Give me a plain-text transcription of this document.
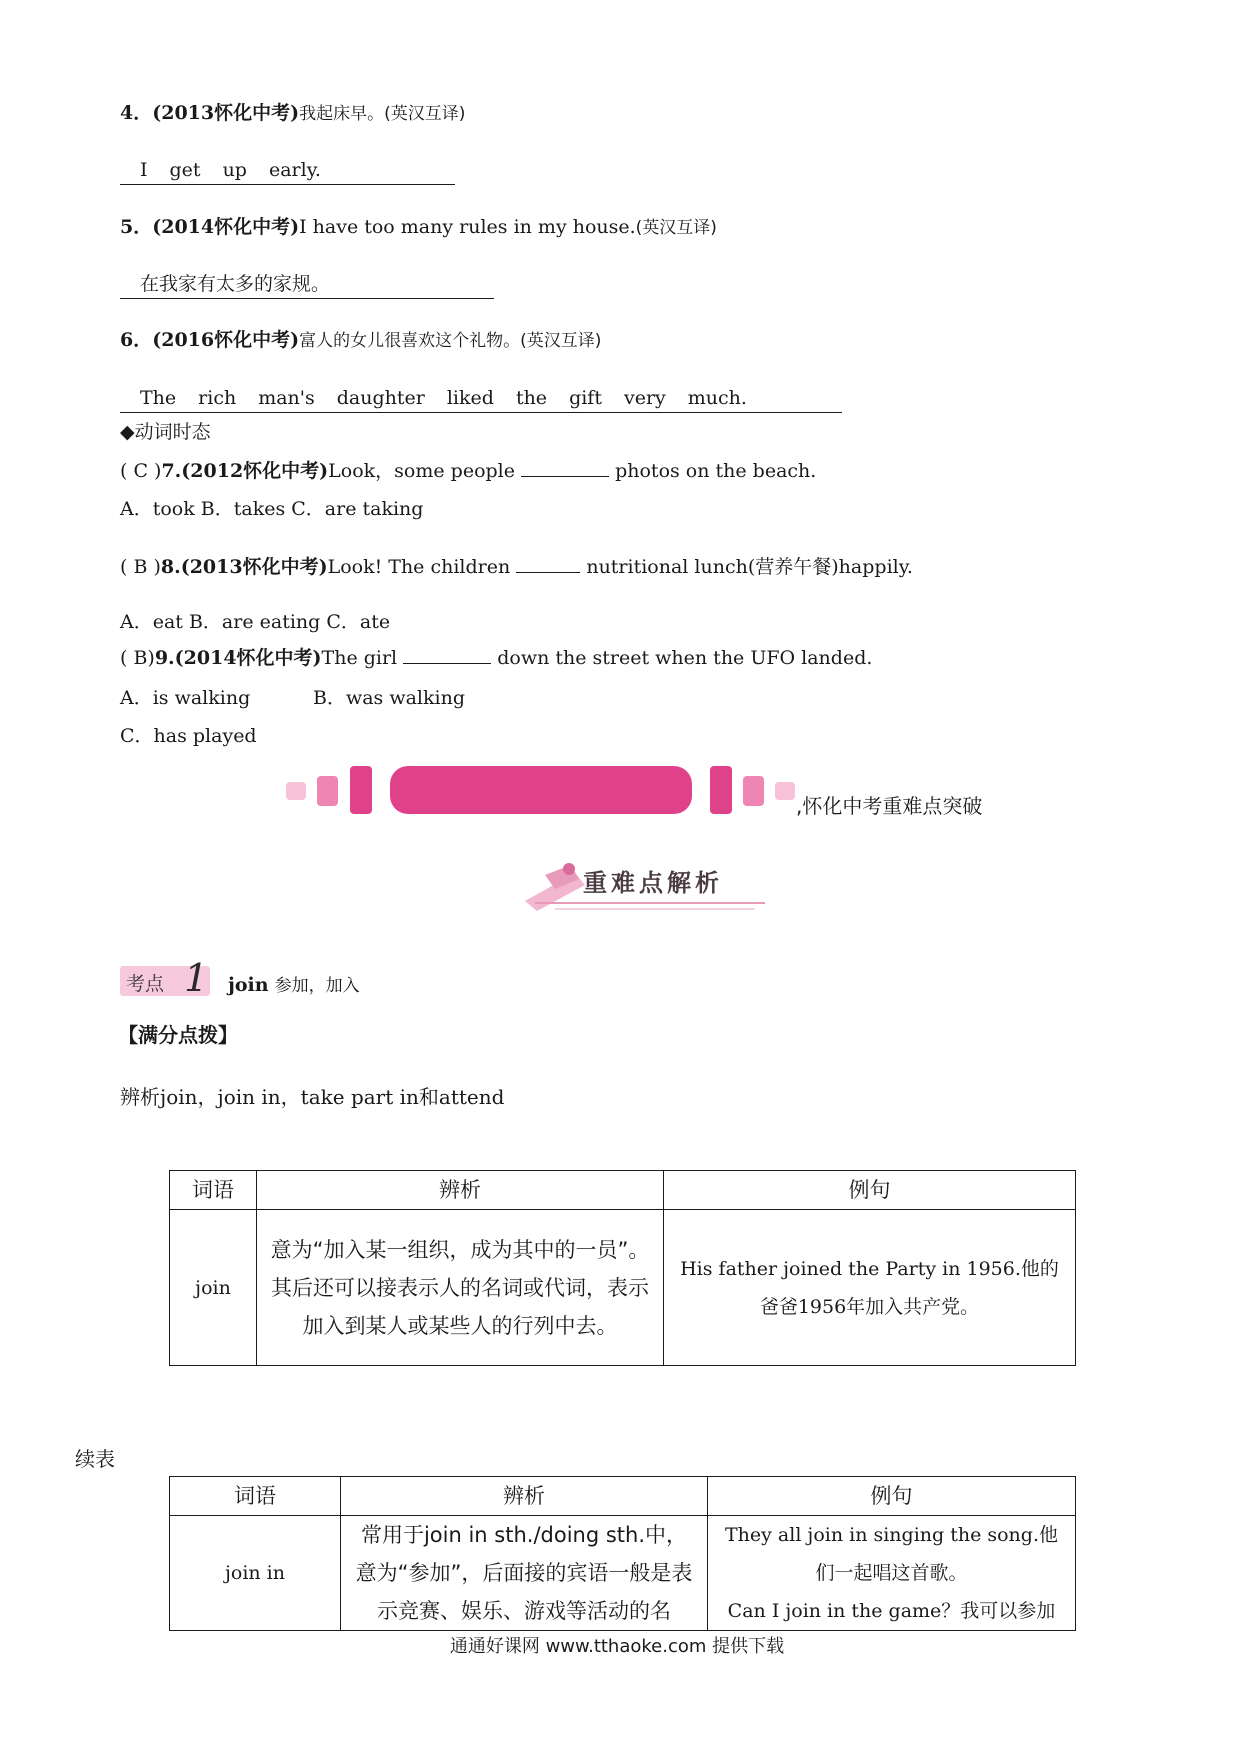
4．(2013怀化中考)我起床早。(英汉互译)
I get up early.
5．(2014怀化中考)I have too many rules in my house.(英汉互译)
在我家有太多的家规。
6．(2016怀化中考)富人的女儿很喜欢这个礼物。(英汉互译)
The rich man's daughter liked the gift very much.
◆动词时态
( C )7.(2012怀化中考)Look，some people	photos on the beach.
A．took B．takes C．are taking
( B )8.(2013怀化中考)Look! The children	nutritional lunch(营养午餐)happily.
A．eat B．are eating C．ate
( B)9.(2014怀化中考)The girl	down the street when the UFO landed.
A．is walking	B．was walking
C．has played
,怀化中考重难点突破
重难点解析
考点 1 join 参加，加入
【满分点拨】
辨析join，join in，take part in和attend
词语	辨析	例句
join	意为“加入某一组织，成为其中的一员”。其后还可以接表示人的名词或代词，表示加入到某人或某些人的行列中去。	His father joined the Party in 1956.他的爸爸1956年加入共产党。
续表
词语	辨析	例句
join in	常用于join in sth./doing sth.中，意为“参加”，后面接的宾语一般是表示竞赛、娱乐、游戏等活动的名	They all join in singing the song.他们一起唱这首歌。
Can I join in the game？我可以参加
通通好课网 www.tthaoke.com 提供下载
